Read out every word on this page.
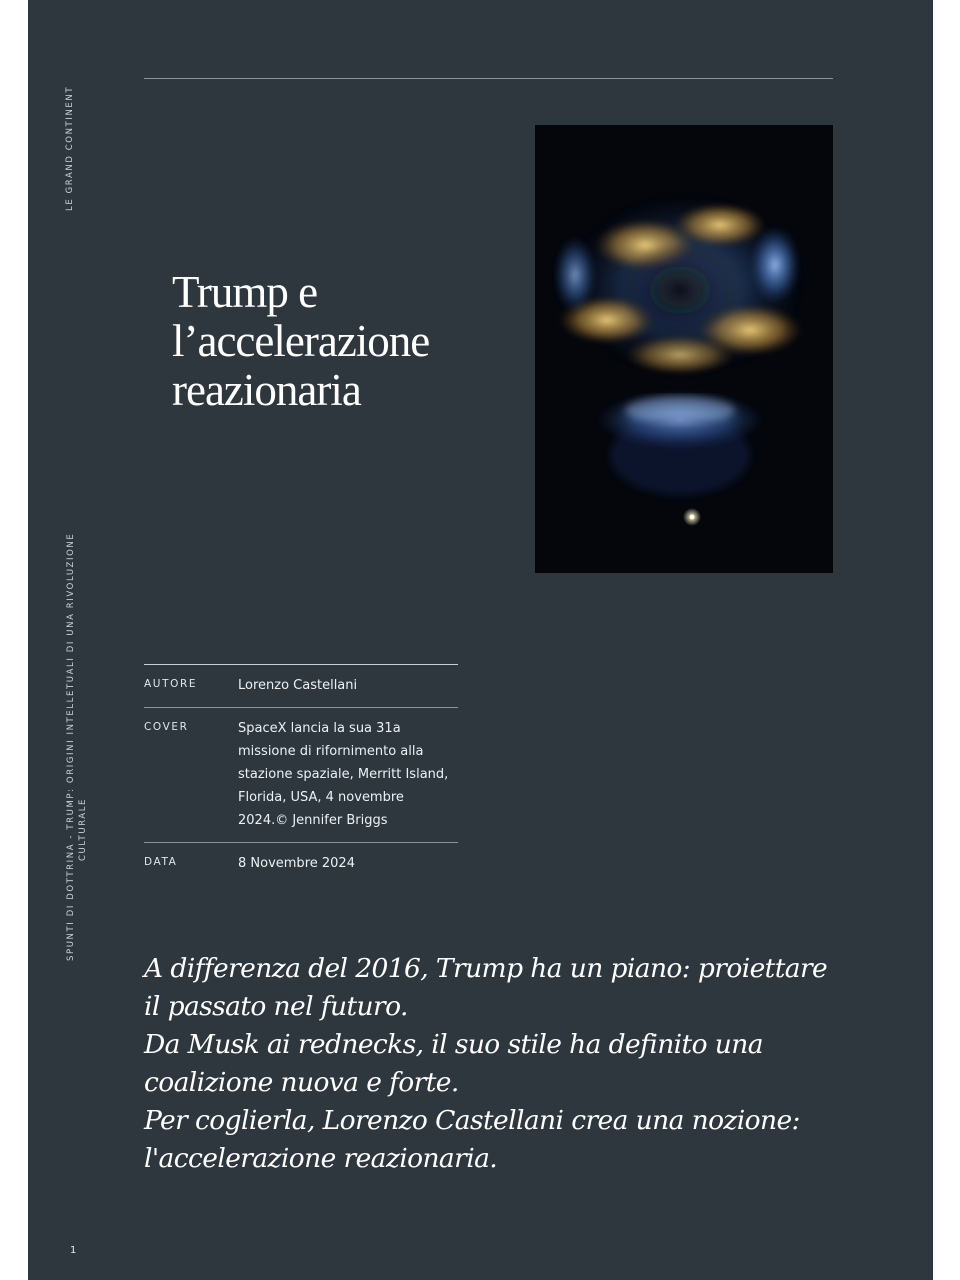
LE GRAND CONTINENT
SPUNTI DI DOTTRINA - TRUMP: ORIGINI INTELLETUALI DI UNA RIVOLUZIONE CULTURALE
Trump e l’accelerazione reazionaria
AUTORE	Lorenzo Castellani
COVER	SpaceX lancia la sua 31a missione di rifornimento alla stazione spaziale, Merritt Island, Florida, USA, 4 novembre 2024.© Jennifer Briggs
DATA	8 Novembre 2024

A differenza del 2016, Trump ha un piano: proiettare il passato nel futuro.

Da Musk ai rednecks, il suo stile ha definito una coalizione nuova e forte.

Per coglierla, Lorenzo Castellani crea una nozione: l'accelerazione reazionaria.

1
